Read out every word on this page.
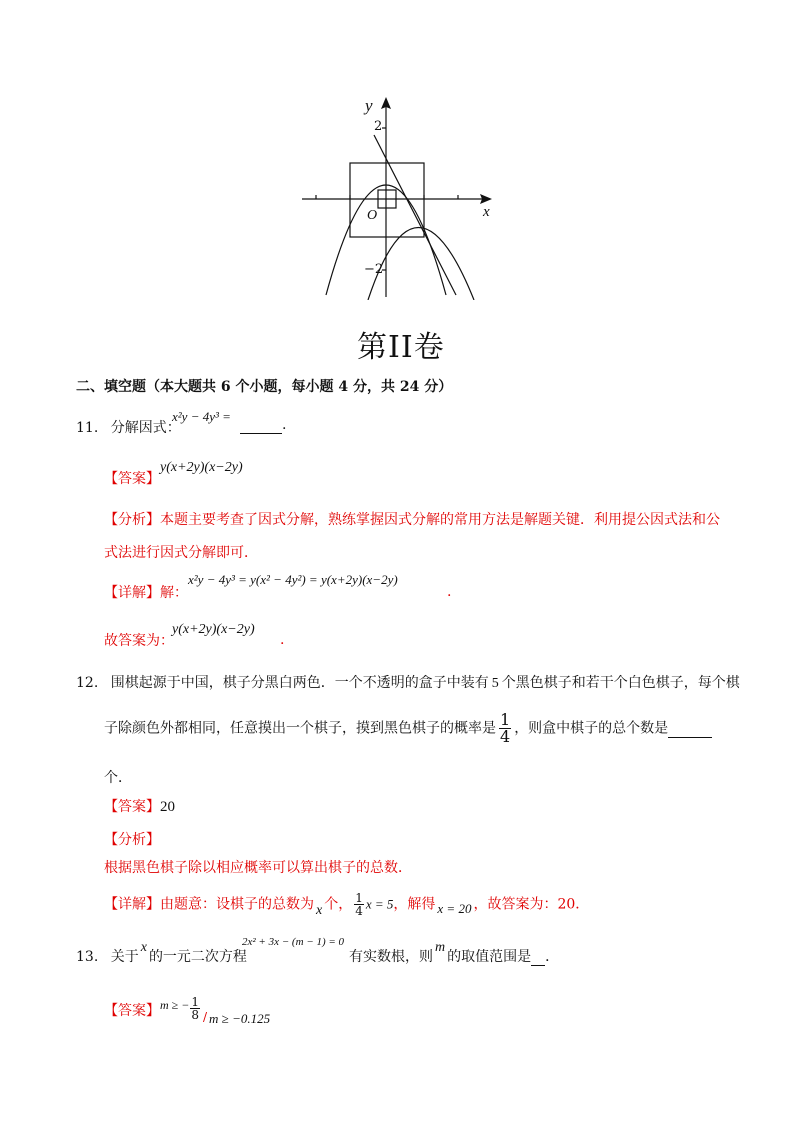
y
x
O
2
−2
第II卷
二、填空题（本大题共 6 个小题，每小题 4 分，共 24 分）
11. 分解因式：
x²y − 4y³ =
.
【答案】
y(x+2y)(x−2y)
【分析】本题主要考查了因式分解，熟练掌握因式分解的常用方法是解题关键．利用提公因式法和公
式法进行因式分解即可．
【详解】解：
x²y − 4y³ = y(x² − 4y²) = y(x+2y)(x−2y)
.
故答案为：
y(x+2y)(x−2y)
.
12. 围棋起源于中国，棋子分黑白两色．一个不透明的盒子中装有 5 个黑色棋子和若干个白色棋子，每个棋
子除颜色外都相同，任意摸出一个棋子，摸到黑色棋子的概率是 $\frac{1}{4}$ ，则盒中棋子的总个数是
个．
【答案】20
【分析】
根据黑色棋子除以相应概率可以算出棋子的总数．
【详解】由题意：设棋子的总数为 x 个， $\frac{1}{4}$ x = 5，解得 x = 20 ，故答案为：20．
13. 关于x的一元二次方程
2x² + 3x − (m − 1) = 0
有实数根，则m的取值范围是 ．
【答案】m ≥ − $\frac{1}{8} / m \ge -0.125$
